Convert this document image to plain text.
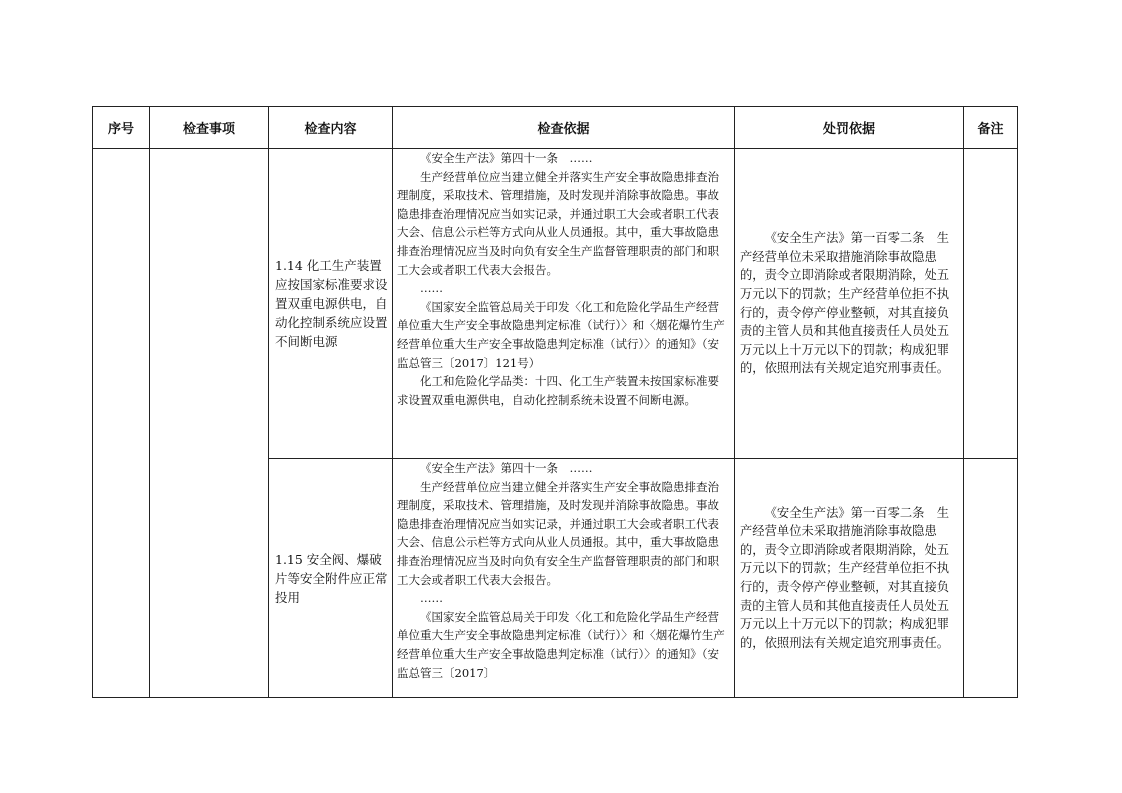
序号	检查事项	检查内容	检查依据	处罚依据	备注

		1.14 化工生产装置应按国家标准要求设置双重电源供电，自动化控制系统应设置不间断电源	《安全生产法》第四十一条　……

生产经营单位应当建立健全并落实生产安全事故隐患排查治理制度，采取技术、管理措施，及时发现并消除事故隐患。事故隐患排查治理情况应当如实记录，并通过职工大会或者职工代表大会、信息公示栏等方式向从业人员通报。其中，重大事故隐患排查治理情况应当及时向负有安全生产监督管理职责的部门和职工大会或者职工代表大会报告。

……

《国家安全监管总局关于印发〈化工和危险化学品生产经营单位重大生产安全事故隐患判定标准（试行）〉和〈烟花爆竹生产经营单位重大生产安全事故隐患判定标准（试行）〉的通知》（安监总管三〔2017〕121号）

化工和危险化学品类：十四、化工生产装置未按国家标准要求设置双重电源供电，自动化控制系统未设置不间断电源。	《安全生产法》第一百零二条　生产经营单位未采取措施消除事故隐患的，责令立即消除或者限期消除，处五万元以下的罚款；生产经营单位拒不执行的，责令停产停业整顿，对其直接负责的主管人员和其他直接责任人员处五万元以上十万元以下的罚款；构成犯罪的，依照刑法有关规定追究刑事责任。	

		1.15 安全阀、爆破片等安全附件应正常投用	《安全生产法》第四十一条　……

生产经营单位应当建立健全并落实生产安全事故隐患排查治理制度，采取技术、管理措施，及时发现并消除事故隐患。事故隐患排查治理情况应当如实记录，并通过职工大会或者职工代表大会、信息公示栏等方式向从业人员通报。其中，重大事故隐患排查治理情况应当及时向负有安全生产监督管理职责的部门和职工大会或者职工代表大会报告。

……

《国家安全监管总局关于印发〈化工和危险化学品生产经营单位重大生产安全事故隐患判定标准（试行）〉和〈烟花爆竹生产经营单位重大生产安全事故隐患判定标准（试行）〉的通知》（安监总管三〔2017〕	《安全生产法》第一百零二条　生产经营单位未采取措施消除事故隐患的，责令立即消除或者限期消除，处五万元以下的罚款；生产经营单位拒不执行的，责令停产停业整顿，对其直接负责的主管人员和其他直接责任人员处五万元以上十万元以下的罚款；构成犯罪的，依照刑法有关规定追究刑事责任。	
